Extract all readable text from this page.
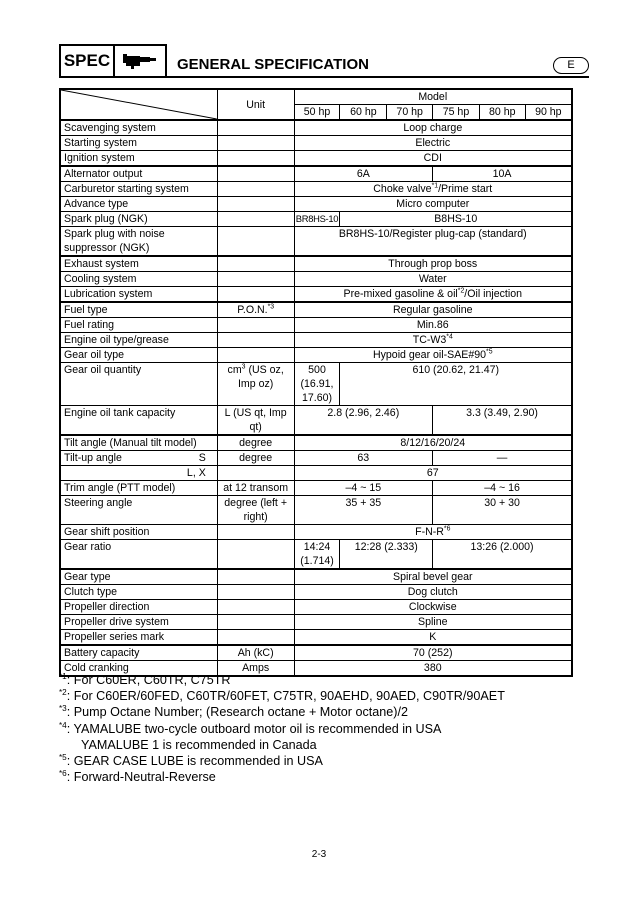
SPEC	GENERAL SPECIFICATION	E
	Unit	Model					
		50 hp	60 hp	70 hp	75 hp	80 hp	90 hp
Scavenging system		Loop charge					
Starting system		Electric					
Ignition system		CDI					
Alternator output		6A			10A		
Carburetor starting system		Choke valve$^{*1}$/Prime start					
Advance type		Micro computer					
Spark plug (NGK)		BR8HS-10	B8HS-10				
Spark plug with noise suppressor (NGK)		BR8HS-10/Register plug-cap (standard)					
Exhaust system		Through prop boss					
Cooling system		Water					
Lubrication system		Pre-mixed gasoline & oil$^{*2}$/Oil injection					
Fuel type	P.O.N.$^{*3}$	Regular gasoline					
Fuel rating		Min.86					
Engine oil type/grease		TC-W3$^{*4}$
Gear oil type		Hypoid gear oil-SAE#90$^{*5}$
Gear oil quantity	$cm^3$ (US oz, Imp oz)	500 (16.91, 17.60)	610 (20.62, 21.47)				
Engine oil tank capacity	L (US qt, Imp qt)	2.8 (2.96, 2.46)			3.3 (3.49, 2.90)		
Tilt angle (Manual tilt model)	degree	8/12/16/20/24					
Tilt-up angle S	degree	63			—		

L, X		67					
Trim angle (PTT model)	at 12 transom	–4 ~ 15			–4 ~ 16		
Steering angle	degree (left + right)	35 + 35			30 + 30		
Gear shift position		$F-N-R^{*6}$
Gear ratio		14:24 (1.714)	12:28 (2.333)		13:26 (2.000)		
Gear type		Spiral bevel gear					
Clutch type		Dog clutch					
Propeller direction		Clockwise					
Propeller drive system		Spline					
Propeller series mark		K					
Battery capacity	Ah (kC)	70 (252)					
Cold cranking	Amps	380					
$^{*1}$: For C60ER, C60TR, C75TR
$^{*2}$: For C60ER/60FED, C60TR/60FET, C75TR, 90AEHD, 90AED, C90TR/90AET
$^{*3}$: Pump Octane Number; (Research octane + Motor octane)/2
$^{*4}$: YAMALUBE two-cycle outboard motor oil is recommended in USA
YAMALUBE 1 is recommended in Canada
$^{*5}$: GEAR CASE LUBE is recommended in USA
$^{*6}$: Forward-Neutral-Reverse
2-3
